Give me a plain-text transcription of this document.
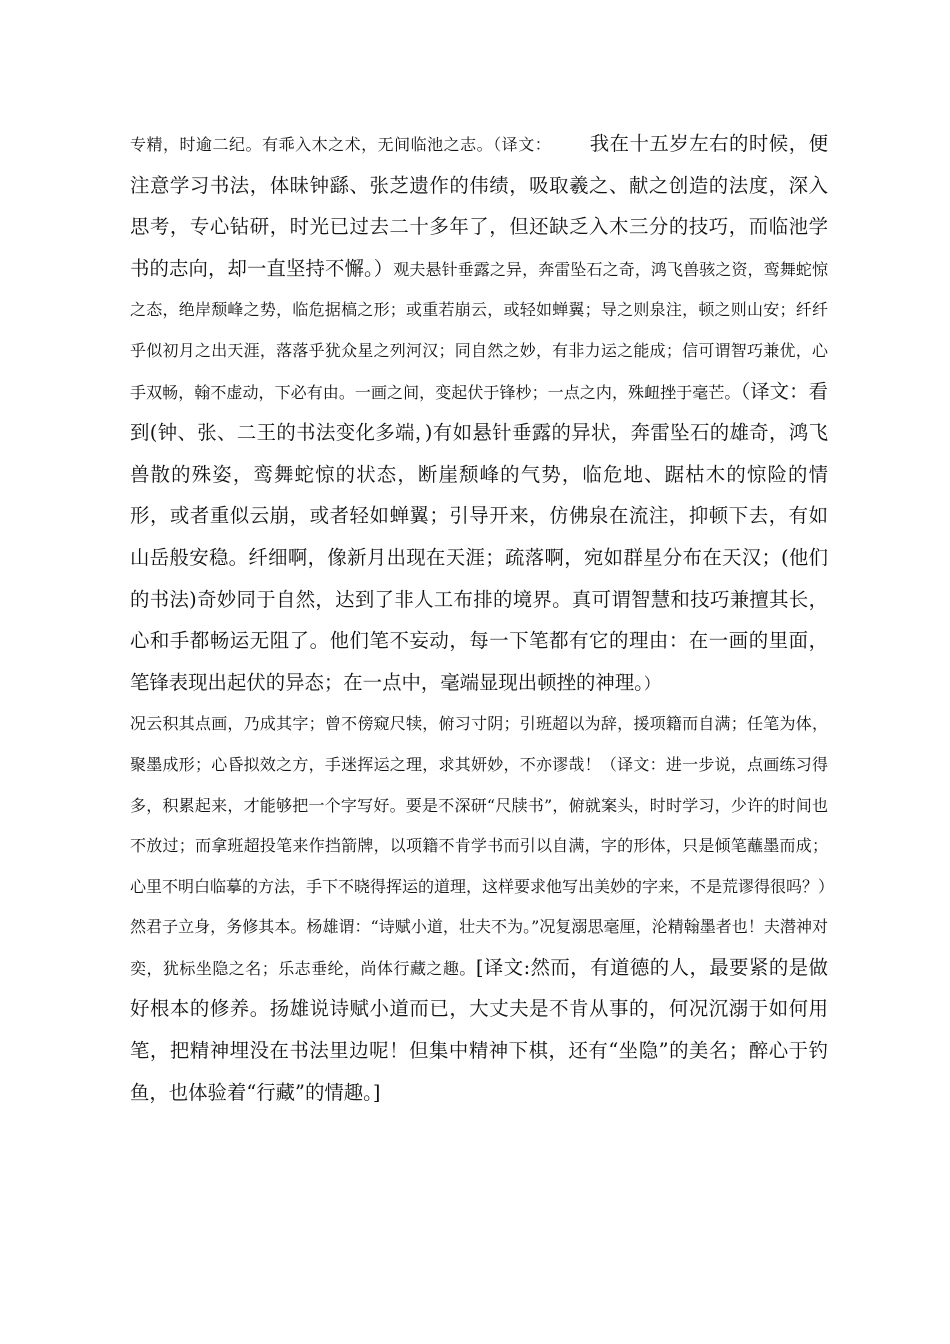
专精，时逾二纪。有乖入木之术，无间临池之志。（译文： 我在十五岁左右的时候，便注意学习书法，体昧钟繇、张芝遗作的伟绩，吸取羲之、献之创造的法度，深入思考，专心钻研，时光已过去二十多年了，但还缺乏入木三分的技巧，而临池学书的志向，却一直坚持不懈。）观夫悬针垂露之异，奔雷坠石之奇，鸿飞兽骇之资，鸾舞蛇惊之态，绝岸颓峰之势，临危据槁之形；或重若崩云，或轻如蝉翼；导之则泉注，顿之则山安；纤纤乎似初月之出天涯，落落乎犹众星之列河汉；同自然之妙，有非力运之能成；信可谓智巧兼优，心手双畅，翰不虚动，下必有由。一画之间，变起伏于锋杪；一点之内，殊衄挫于毫芒。（译文：看到(钟、张、二王的书法变化多端，)有如悬针垂露的异状，奔雷坠石的雄奇，鸿飞兽散的殊姿，鸾舞蛇惊的状态，断崖颓峰的气势，临危地、踞枯木的惊险的情形，或者重似云崩，或者轻如蝉翼；引导开来，仿佛泉在流注，抑顿下去，有如山岳般安稳。纤细啊，像新月出现在天涯；疏落啊，宛如群星分布在天汉；(他们的书法)奇妙同于自然，达到了非人工布排的境界。真可谓智慧和技巧兼擅其长，心和手都畅运无阻了。他们笔不妄动，每一下笔都有它的理由：在一画的里面，笔锋表现出起伏的异态；在一点中，毫端显现出顿挫的神理。）

况云积其点画，乃成其字；曾不傍窥尺犊，俯习寸阴；引班超以为辞，援项籍而自满；任笔为体，聚墨成形；心昏拟效之方，手迷挥运之理，求其妍妙，不亦谬哉！（译文：进一步说，点画练习得多，积累起来，才能够把一个字写好。要是不深研“尺牍书”，俯就案头，时时学习，少许的时间也不放过；而拿班超投笔来作挡箭牌，以项籍不肯学书而引以自满，字的形体，只是倾笔蘸墨而成；心里不明白临摹的方法，手下不晓得挥运的道理，这样要求他写出美妙的字来，不是荒谬得很吗？）

然君子立身，务修其本。杨雄谓：“诗赋小道，壮夫不为。”况复溺思毫厘，沦精翰墨者也！夫潜神对奕，犹标坐隐之名；乐志垂纶，尚体行藏之趣。[译文:然而，有道德的人，最要紧的是做好根本的修养。扬雄说诗赋小道而已，大丈夫是不肯从事的，何况沉溺于如何用笔，把精神埋没在书法里边呢！但集中精神下棋，还有“坐隐”的美名；醉心于钓鱼，也体验着“行藏”的情趣。]
